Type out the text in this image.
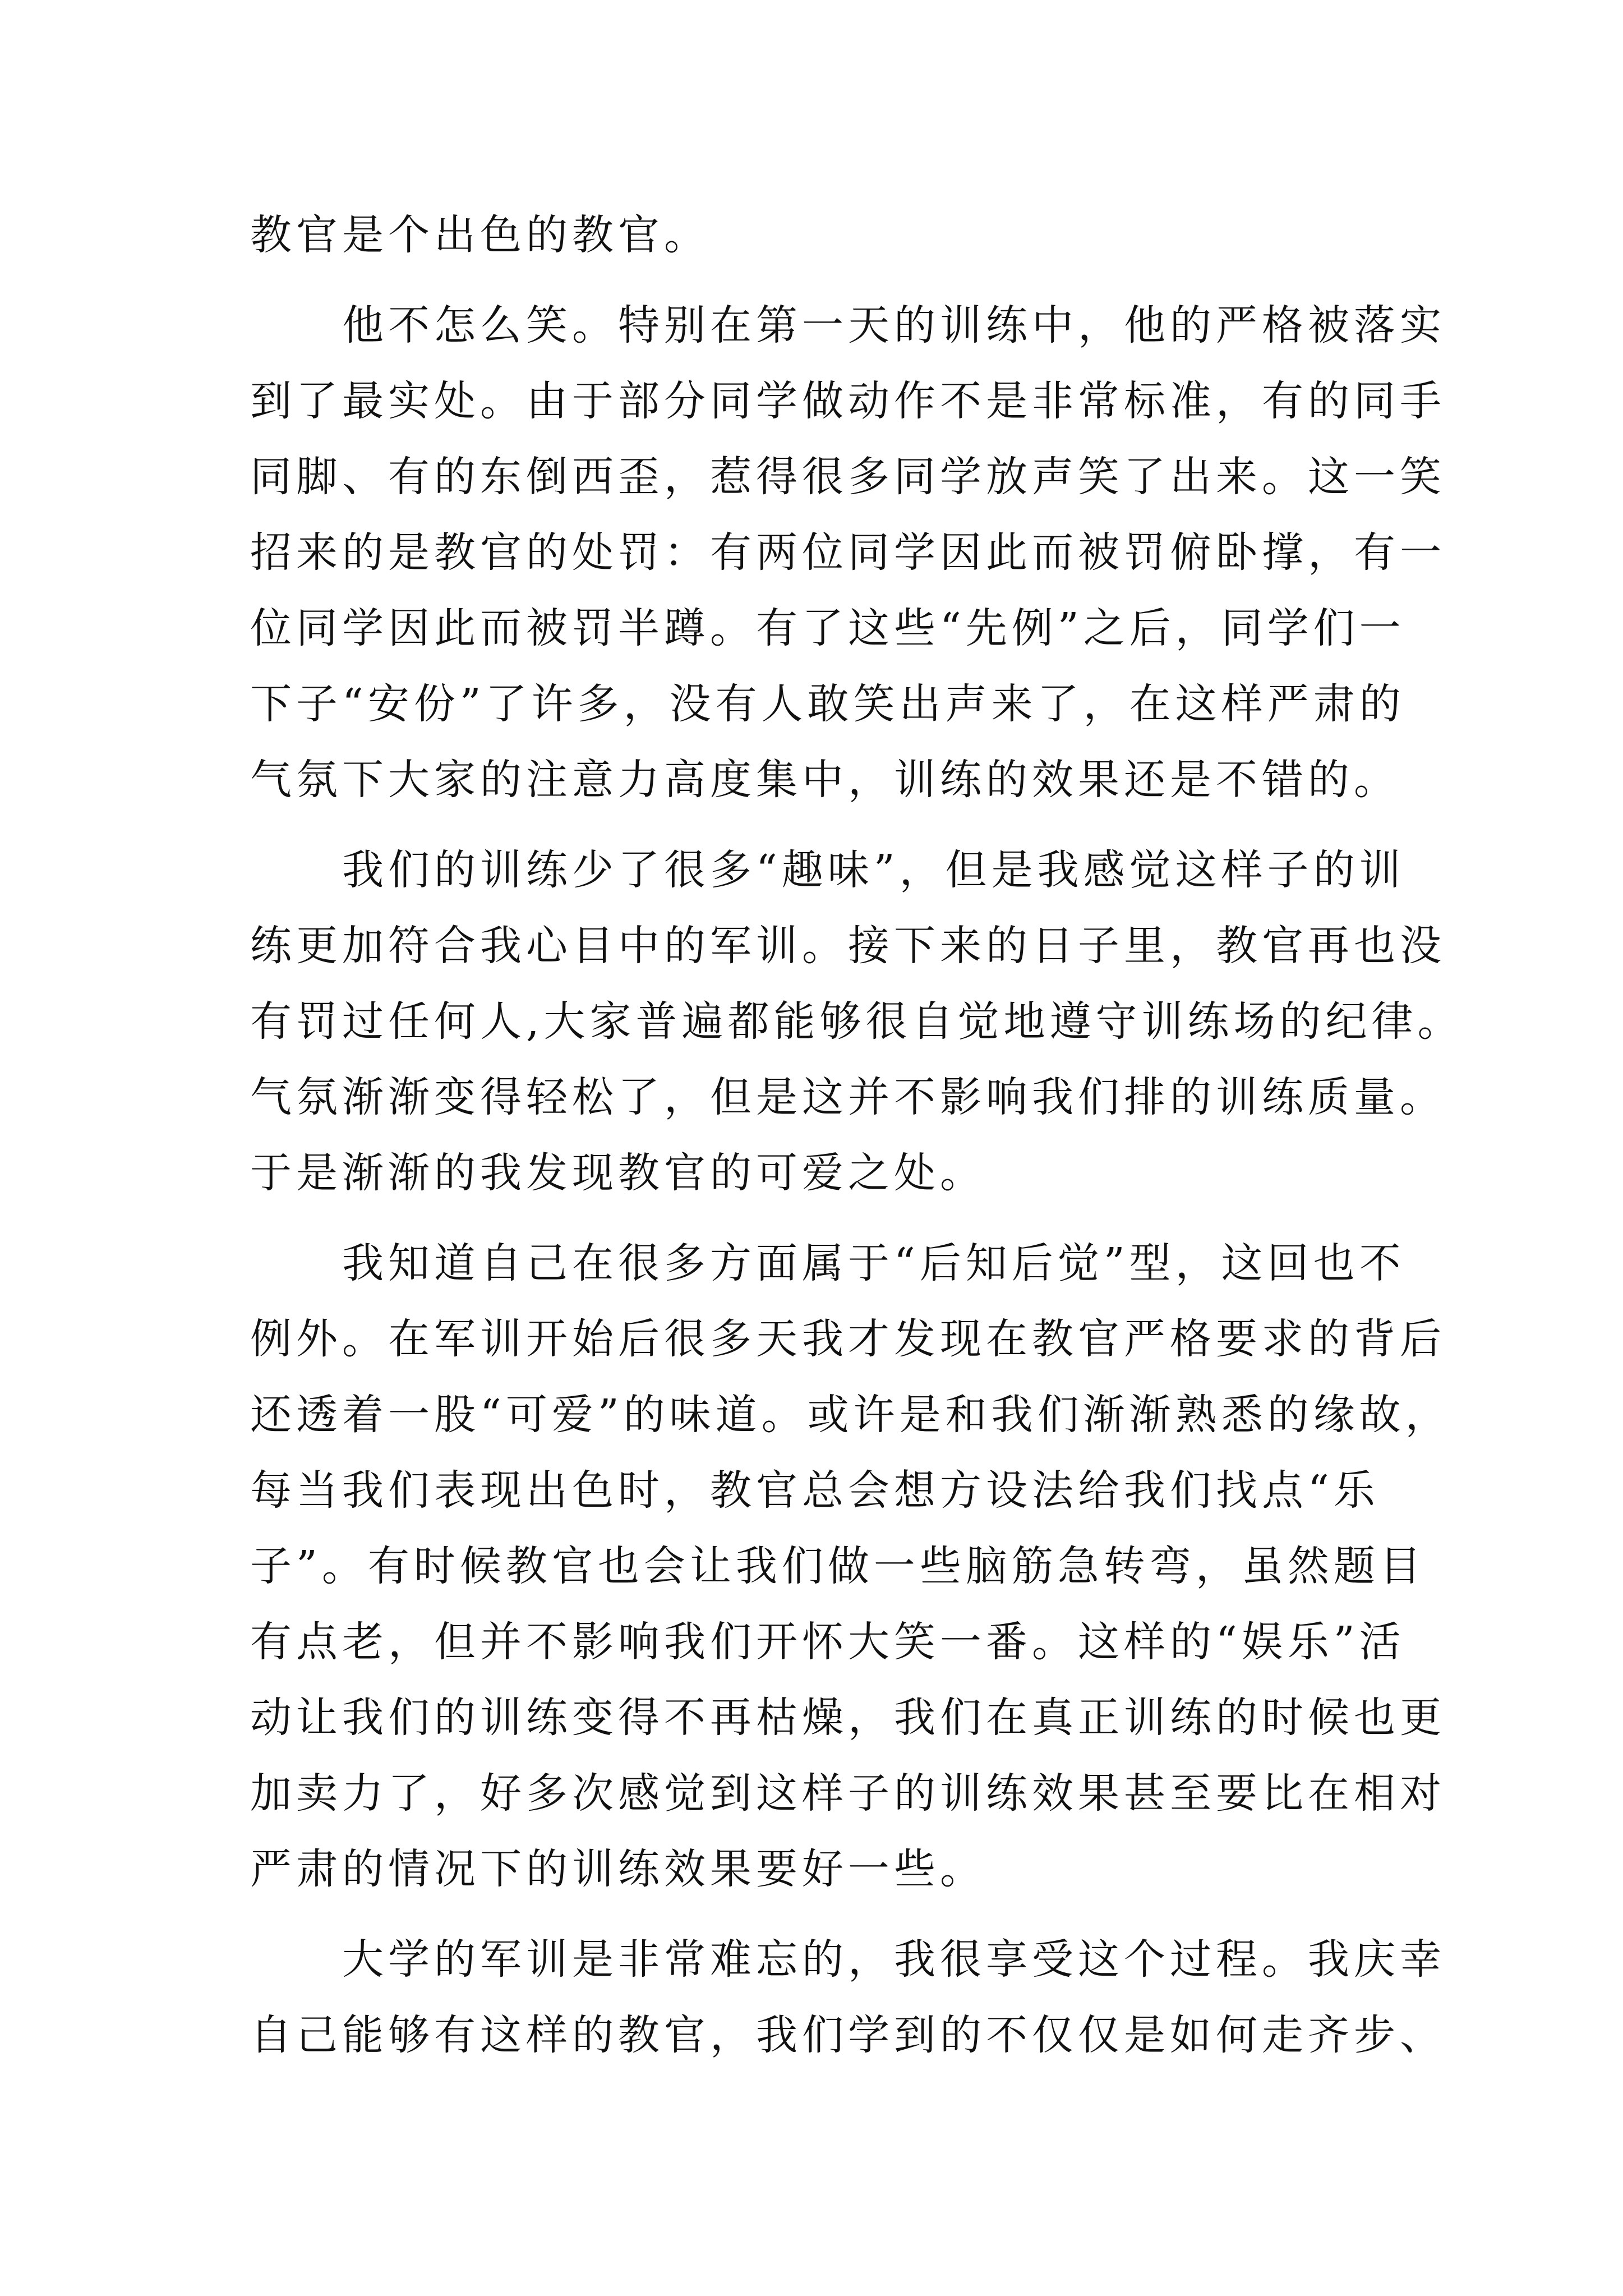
教官是个出色的教官。
他不怎么笑。特别在第一天的训练中，他的严格被落实
到了最实处。由于部分同学做动作不是非常标准，有的同手
同脚、有的东倒西歪，惹得很多同学放声笑了出来。这一笑
招来的是教官的处罚：有两位同学因此而被罚俯卧撑，有一
位同学因此而被罚半蹲。有了这些“先例”之后，同学们一
下子“安份”了许多，没有人敢笑出声来了，在这样严肃的
气氛下大家的注意力高度集中，训练的效果还是不错的。
我们的训练少了很多“趣味”，但是我感觉这样子的训
练更加符合我心目中的军训。接下来的日子里，教官再也没
有罚过任何人,大家普遍都能够很自觉地遵守训练场的纪律。
气氛渐渐变得轻松了，但是这并不影响我们排的训练质量。
于是渐渐的我发现教官的可爱之处。
我知道自己在很多方面属于“后知后觉”型，这回也不
例外。在军训开始后很多天我才发现在教官严格要求的背后
还透着一股“可爱”的味道。或许是和我们渐渐熟悉的缘故，
每当我们表现出色时，教官总会想方设法给我们找点“乐
子”。有时候教官也会让我们做一些脑筋急转弯，虽然题目
有点老，但并不影响我们开怀大笑一番。这样的“娱乐”活
动让我们的训练变得不再枯燥，我们在真正训练的时候也更
加卖力了，好多次感觉到这样子的训练效果甚至要比在相对
严肃的情况下的训练效果要好一些。
大学的军训是非常难忘的，我很享受这个过程。我庆幸
自己能够有这样的教官，我们学到的不仅仅是如何走齐步、
